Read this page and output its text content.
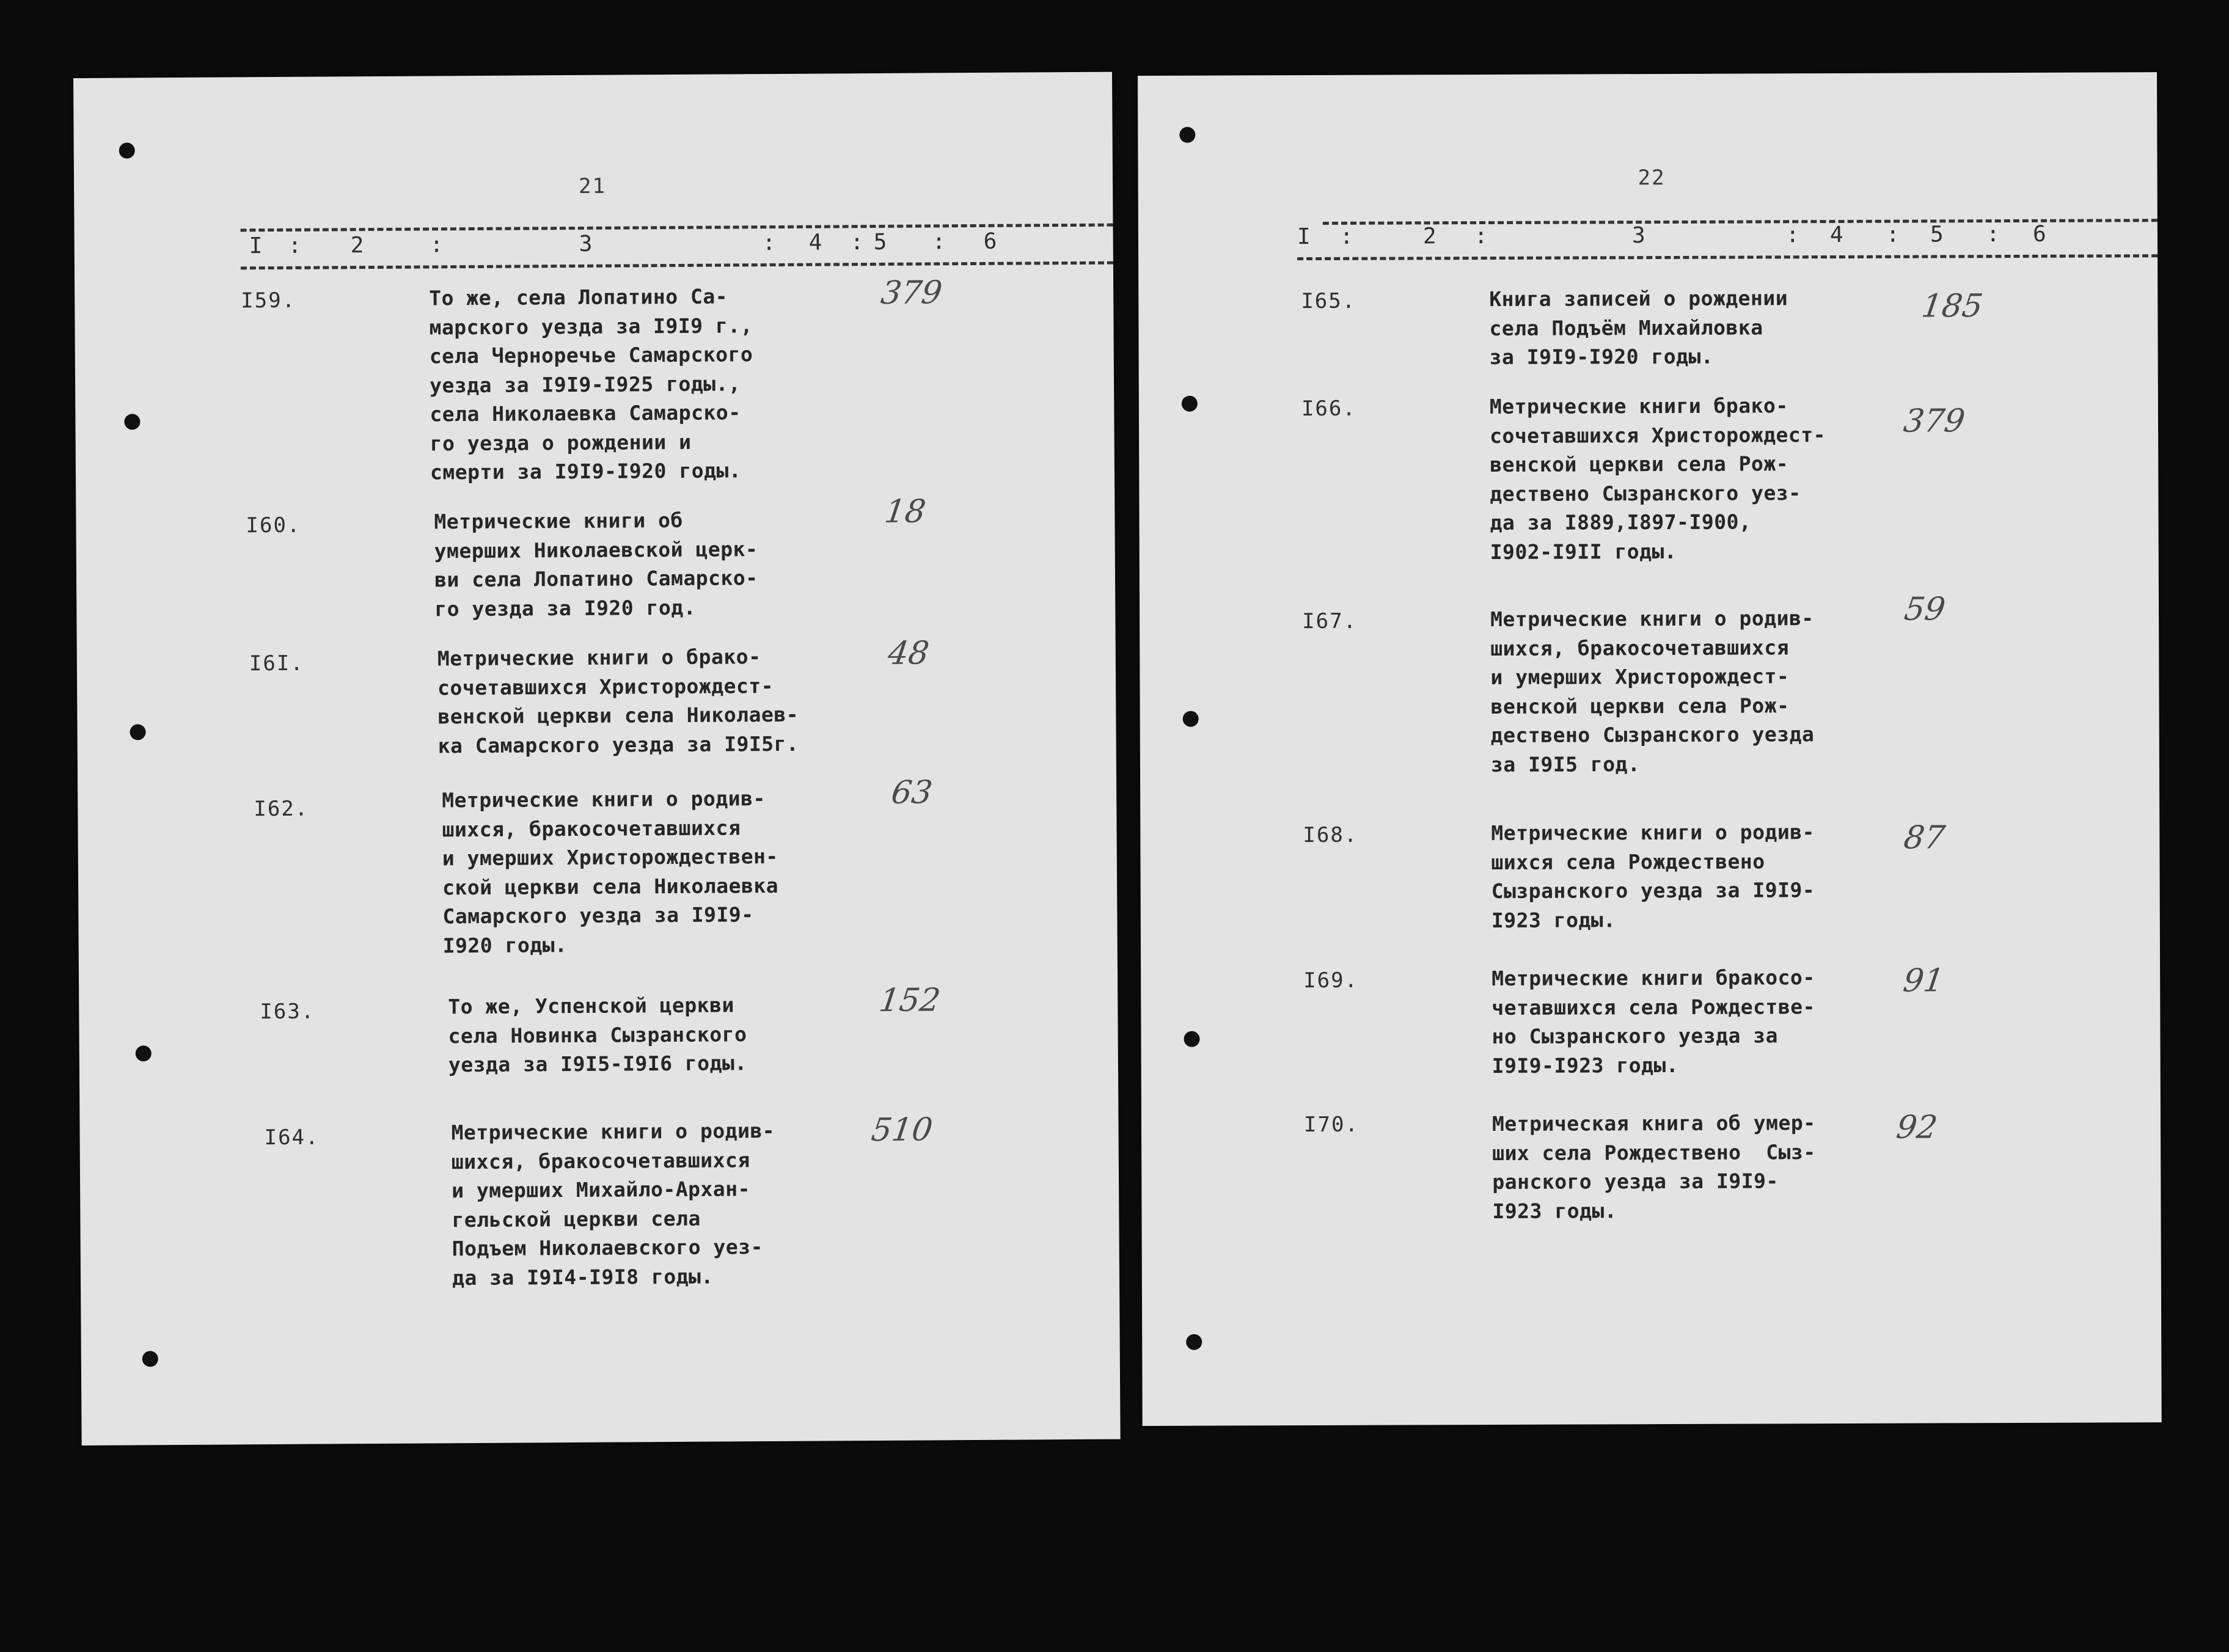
21
I : 2	:	3	: 4 : 5 : 6
I59.	То же, села Лопатино Са-
марского уезда за I9I9 г.,
села Черноречье Самарского
уезда за I9I9-I925 годы.,
села Николаевка Самарско-
го уезда о рождении и
смерти за I9I9-I920 годы.
379
I60.	Метрические книги об
умерших Николаевской церк-
ви села Лопатино Самарско-
го уезда за I920 год.
18
I6I.	Метрические книги о брако-
сочетавшихся Христорождест-
венской церкви села Николаев-
ка Самарского уезда за I9I5г.
48
I62.	Метрические книги о родив-
шихся, бракосочетавшихся
и умерших Христорождествен-
ской церкви села Николаевка
Самарского уезда за I9I9-
I920 годы.
63
I63.	То же, Успенской церкви
села Новинка Сызранского
уезда за I9I5-I9I6 годы.
152
I64.	Метрические книги о родив-
шихся, бракосочетавшихся
и умерших Михайло-Архан-
гельской церкви села
Подъем Николаевского уез-
да за I9I4-I9I8 годы.
510
22
I :	2 :	3	: 4 : 5 : 6
I65.	Книга записей о рождении
села Подъём Михайловка
за I9I9-I920 годы.
185
I66.	Метрические книги брако-
сочетавшихся Христорождест-
венской церкви села Рож-
дествено Сызранского уез-
да за I889,I897-I900,
I902-I9II годы.
379
I67.	Метрические книги о родив-
шихся, бракосочетавшихся
и умерших Христорождест-
венской церкви села Рож-
дествено Сызранского уезда
за I9I5 год.
59
I68.	Метрические книги о родив-
шихся села Рождествено
Сызранского уезда за I9I9-
I923 годы.
87
I69.	Метрические книги бракосо-
четавшихся села Рождестве-
но Сызранского уезда за
I9I9-I923 годы.
91
I70.	Метрическая книга об умер-
ших села Рождествено  Сыз-
ранского уезда за I9I9-
I923 годы.
92
